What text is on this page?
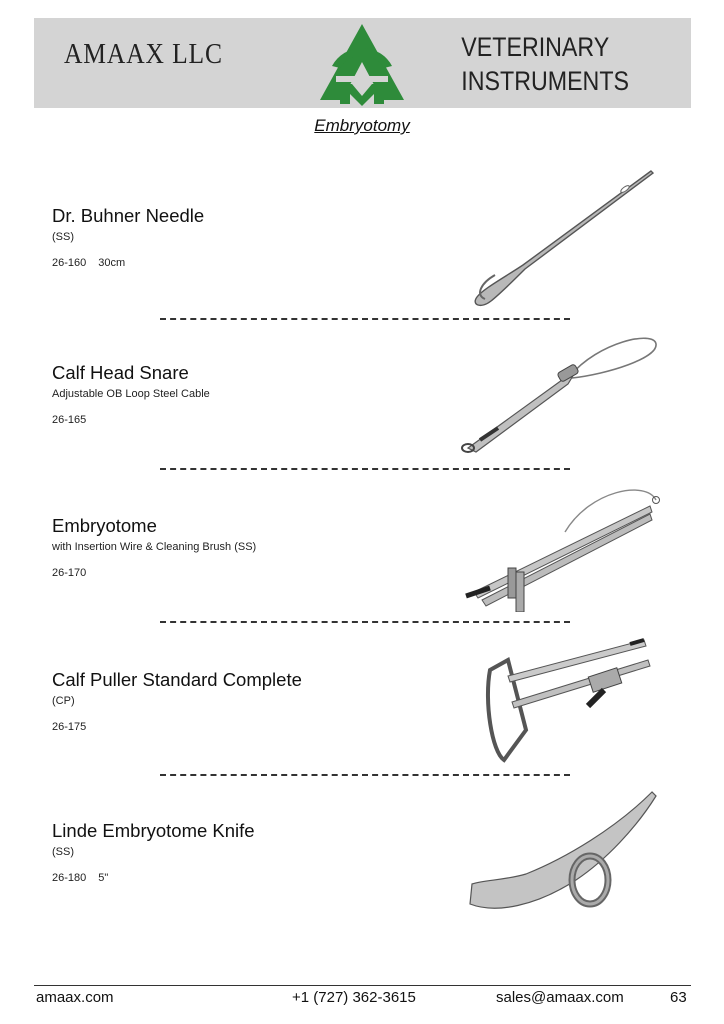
AMAAX LLC	VETERINARY
INSTRUMENTS
Embryotomy

Dr. Buhner Needle

(SS)

26-160 30cm

Calf Head Snare

Adjustable OB Loop Steel Cable

26-165

Embryotome

with Insertion Wire & Cleaning Brush (SS)

26-170

Calf Puller Standard Complete

(CP)

26-175

Linde Embryotome Knife

(SS)

26-180 5"
amaax.com	+1 (727) 362-3615	sales@amaax.com	63
